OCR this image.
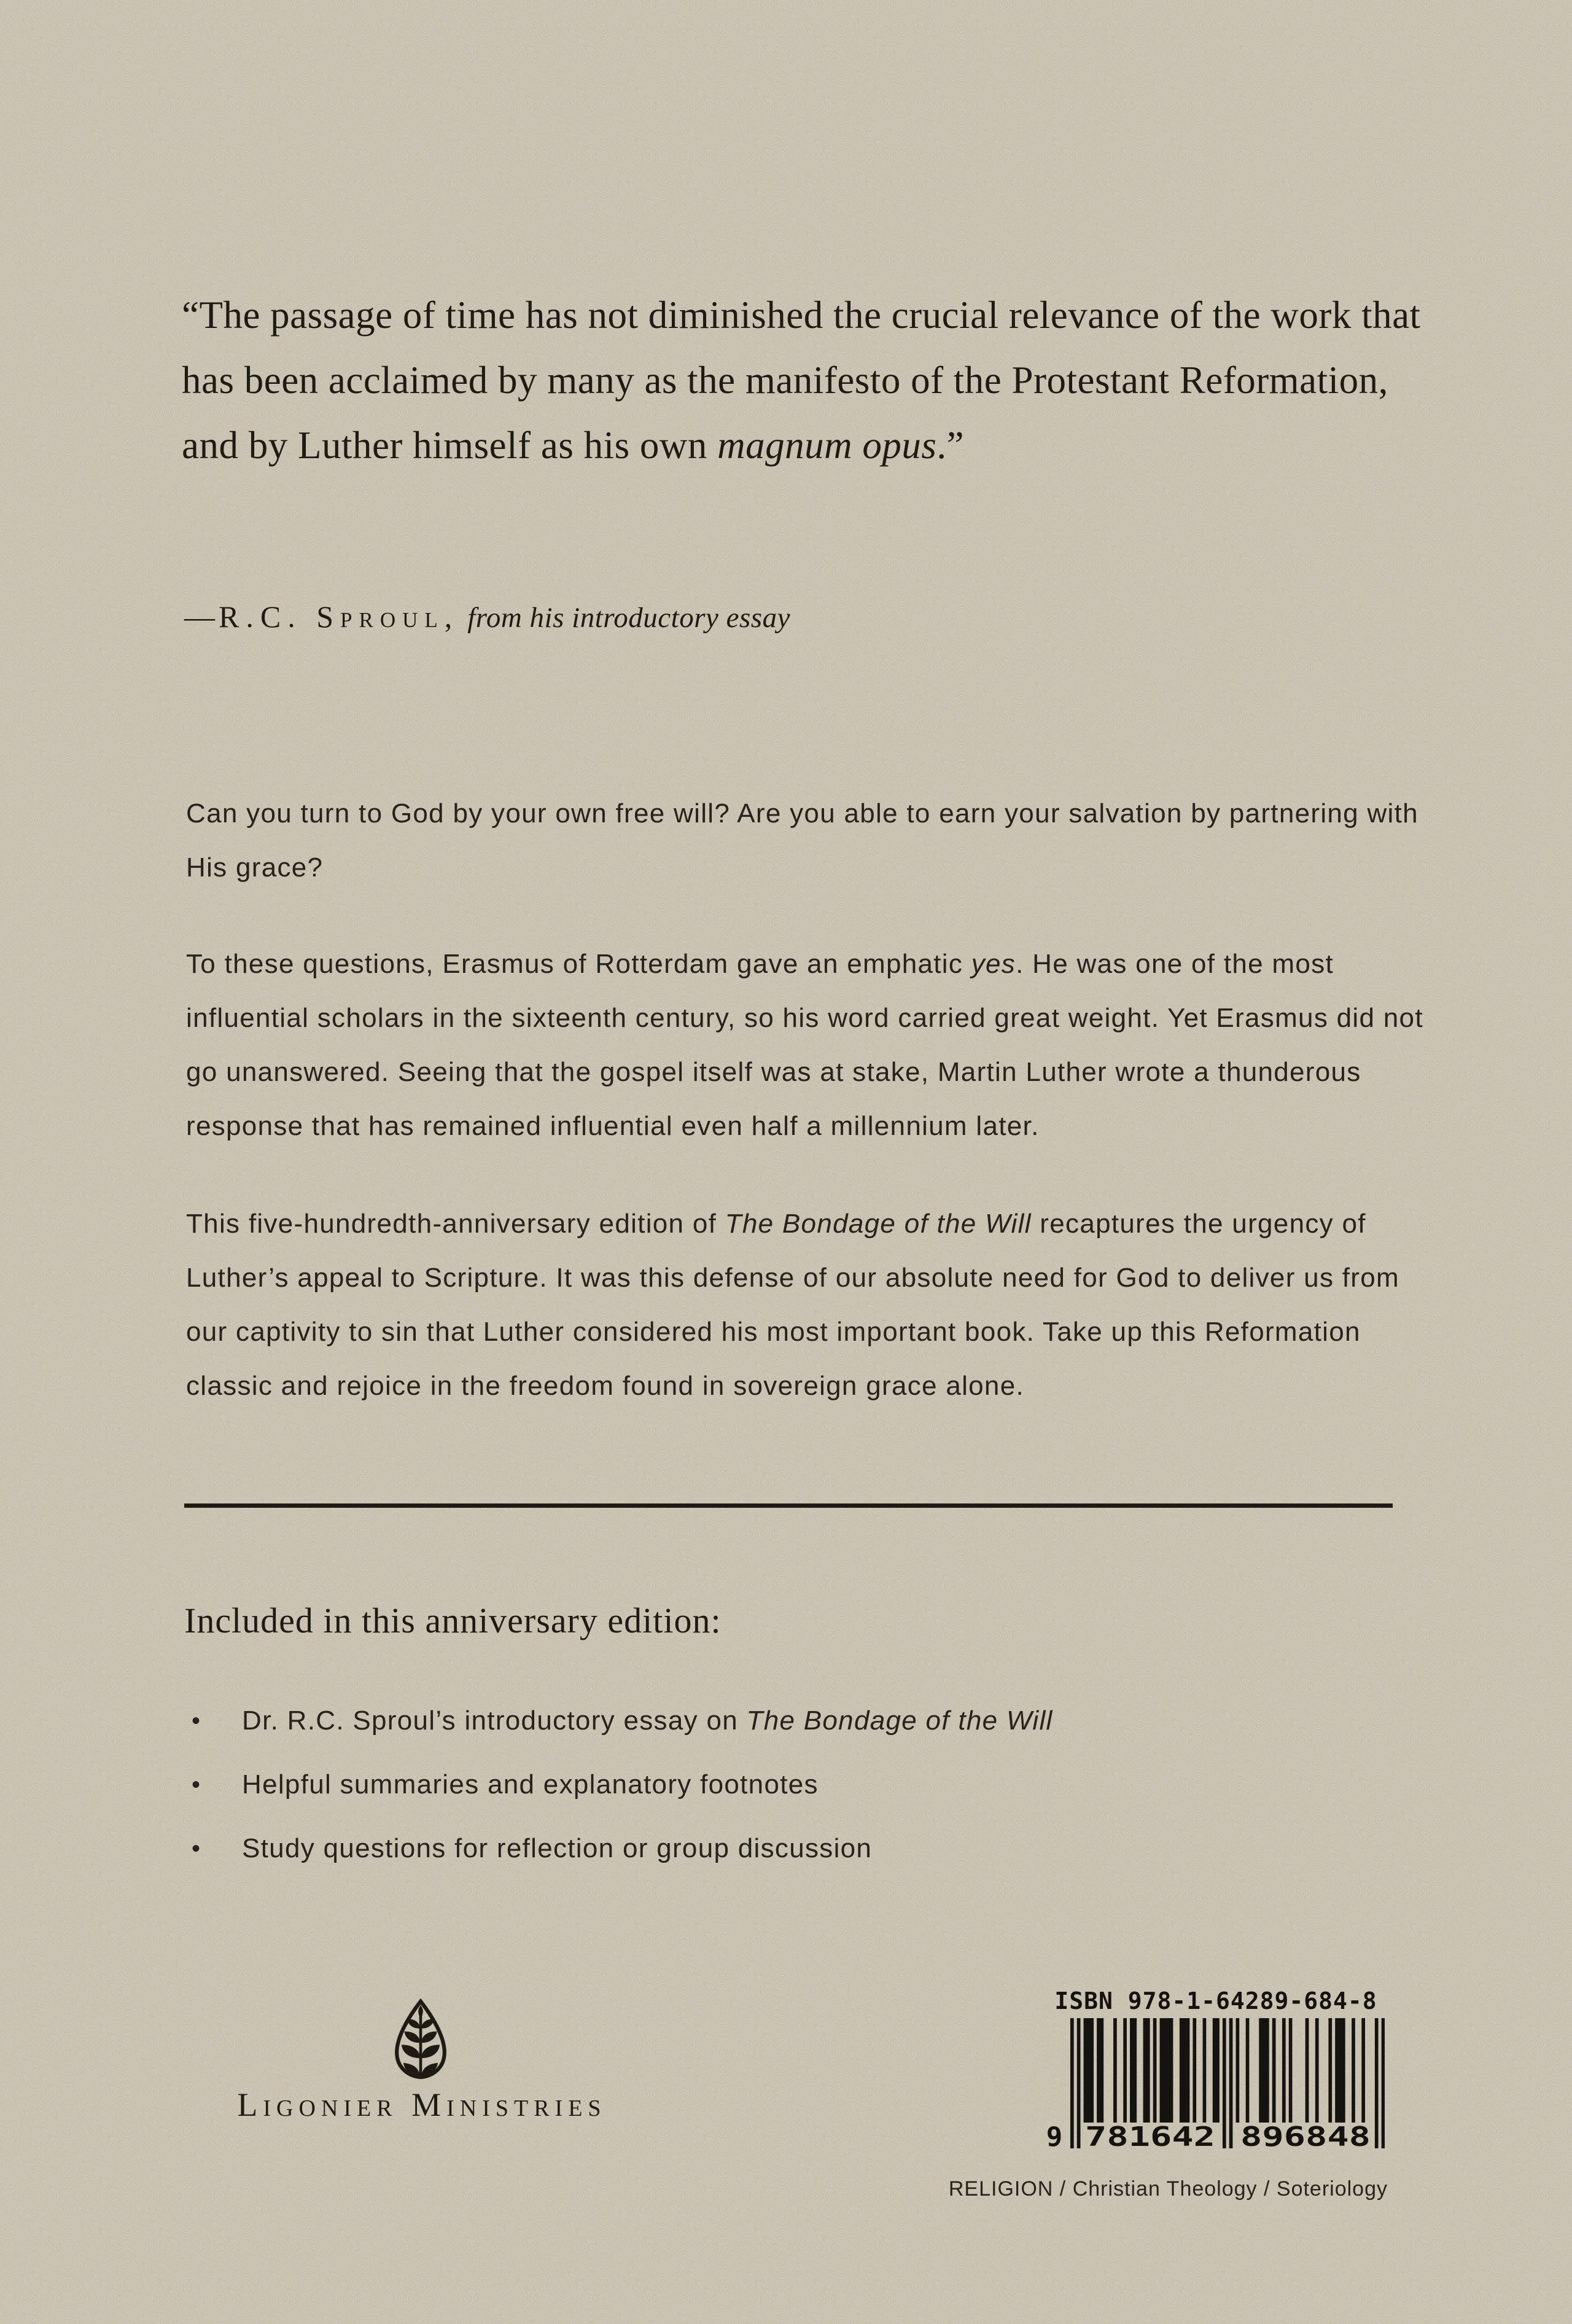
“The passage of time has not diminished the crucial relevance of the work that has been acclaimed by many as the manifesto of the Protestant Reformation, and by Luther himself as his own magnum opus.”
—R.C. Sproul, from his introductory essay

Can you turn to God by your own free will? Are you able to earn your salvation by partnering with His grace?

To these questions, Erasmus of Rotterdam gave an emphatic yes. He was one of the most influential scholars in the sixteenth century, so his word carried great weight. Yet Erasmus did not go unanswered. Seeing that the gospel itself was at stake, Martin Luther wrote a thunderous response that has remained influential even half a millennium later.

This five-hundredth-anniversary edition of The Bondage of the Will recaptures the urgency of Luther’s appeal to Scripture. It was this defense of our absolute need for God to deliver us from our captivity to sin that Luther considered his most important book. Take up this Reformation classic and rejoice in the freedom found in sovereign grace alone.

Included in this anniversary edition:
•	Dr. R.C. Sproul’s introductory essay on The Bondage of the Will
•	Helpful summaries and explanatory footnotes
•	Study questions for reflection or group discussion
Ligonier Ministries
ISBN 978-1-64289-684-8
9 781642 896848
RELIGION / Christian Theology / Soteriology
